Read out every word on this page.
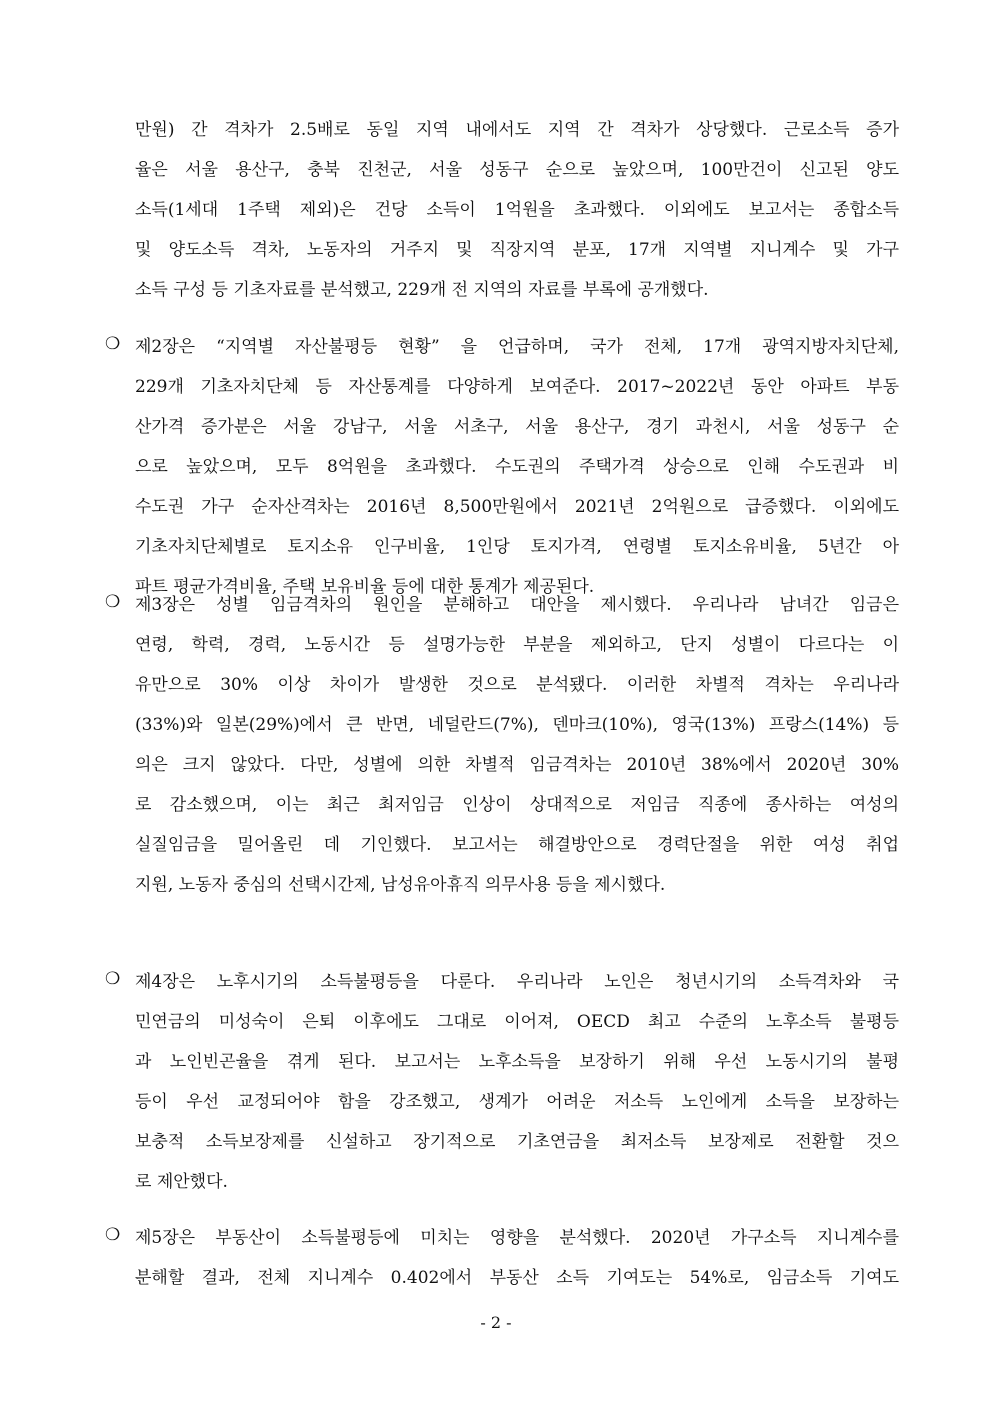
만원) 간 격차가 2.5배로 동일 지역 내에서도 지역 간 격차가 상당했다. 근로소득 증가
율은 서울 용산구, 충북 진천군, 서울 성동구 순으로 높았으며, 100만건이 신고된 양도
소득(1세대 1주택 제외)은 건당 소득이 1억원을 초과했다. 이외에도 보고서는 종합소득
및 양도소득 격차, 노동자의 거주지 및 직장지역 분포, 17개 지역별 지니계수 및 가구
소득 구성 등 기초자료를 분석했고, 229개 전 지역의 자료를 부록에 공개했다.
❍ 제2장은 “지역별 자산불평등 현황” 을 언급하며, 국가 전체, 17개 광역지방자치단체,
229개 기초자치단체 등 자산통계를 다양하게 보여준다. 2017~2022년 동안 아파트 부동
산가격 증가분은 서울 강남구, 서울 서초구, 서울 용산구, 경기 과천시, 서울 성동구 순
으로 높았으며, 모두 8억원을 초과했다. 수도권의 주택가격 상승으로 인해 수도권과 비
수도권 가구 순자산격차는 2016년 8,500만원에서 2021년 2억원으로 급증했다. 이외에도
기초자치단체별로 토지소유 인구비율, 1인당 토지가격, 연령별 토지소유비율, 5년간 아
파트 평균가격비율, 주택 보유비율 등에 대한 통계가 제공된다.
❍ 제3장은 성별 임금격차의 원인을 분해하고 대안을 제시했다. 우리나라 남녀간 임금은
연령, 학력, 경력, 노동시간 등 설명가능한 부분을 제외하고, 단지 성별이 다르다는 이
유만으로 30% 이상 차이가 발생한 것으로 분석됐다. 이러한 차별적 격차는 우리나라
(33%)와 일본(29%)에서 큰 반면, 네덜란드(7%), 덴마크(10%), 영국(13%) 프랑스(14%) 등
의은 크지 않았다. 다만, 성별에 의한 차별적 임금격차는 2010년 38%에서 2020년 30%
로 감소했으며, 이는 최근 최저임금 인상이 상대적으로 저임금 직종에 종사하는 여성의
실질임금을 밀어올린 데 기인했다. 보고서는 해결방안으로 경력단절을 위한 여성 취업
지원, 노동자 중심의 선택시간제, 남성유아휴직 의무사용 등을 제시했다.
❍ 제4장은 노후시기의 소득불평등을 다룬다. 우리나라 노인은 청년시기의 소득격차와 국
민연금의 미성숙이 은퇴 이후에도 그대로 이어져, OECD 최고 수준의 노후소득 불평등
과 노인빈곤율을 겪게 된다. 보고서는 노후소득을 보장하기 위해 우선 노동시기의 불평
등이 우선 교정되어야 함을 강조했고, 생계가 어려운 저소득 노인에게 소득을 보장하는
보충적 소득보장제를 신설하고 장기적으로 기초연금을 최저소득 보장제로 전환할 것으
로 제안했다.
❍ 제5장은 부동산이 소득불평등에 미치는 영향을 분석했다. 2020년 가구소득 지니계수를
분해할 결과, 전체 지니계수 0.402에서 부동산 소득 기여도는 54%로, 임금소득 기여도
- 2 -
